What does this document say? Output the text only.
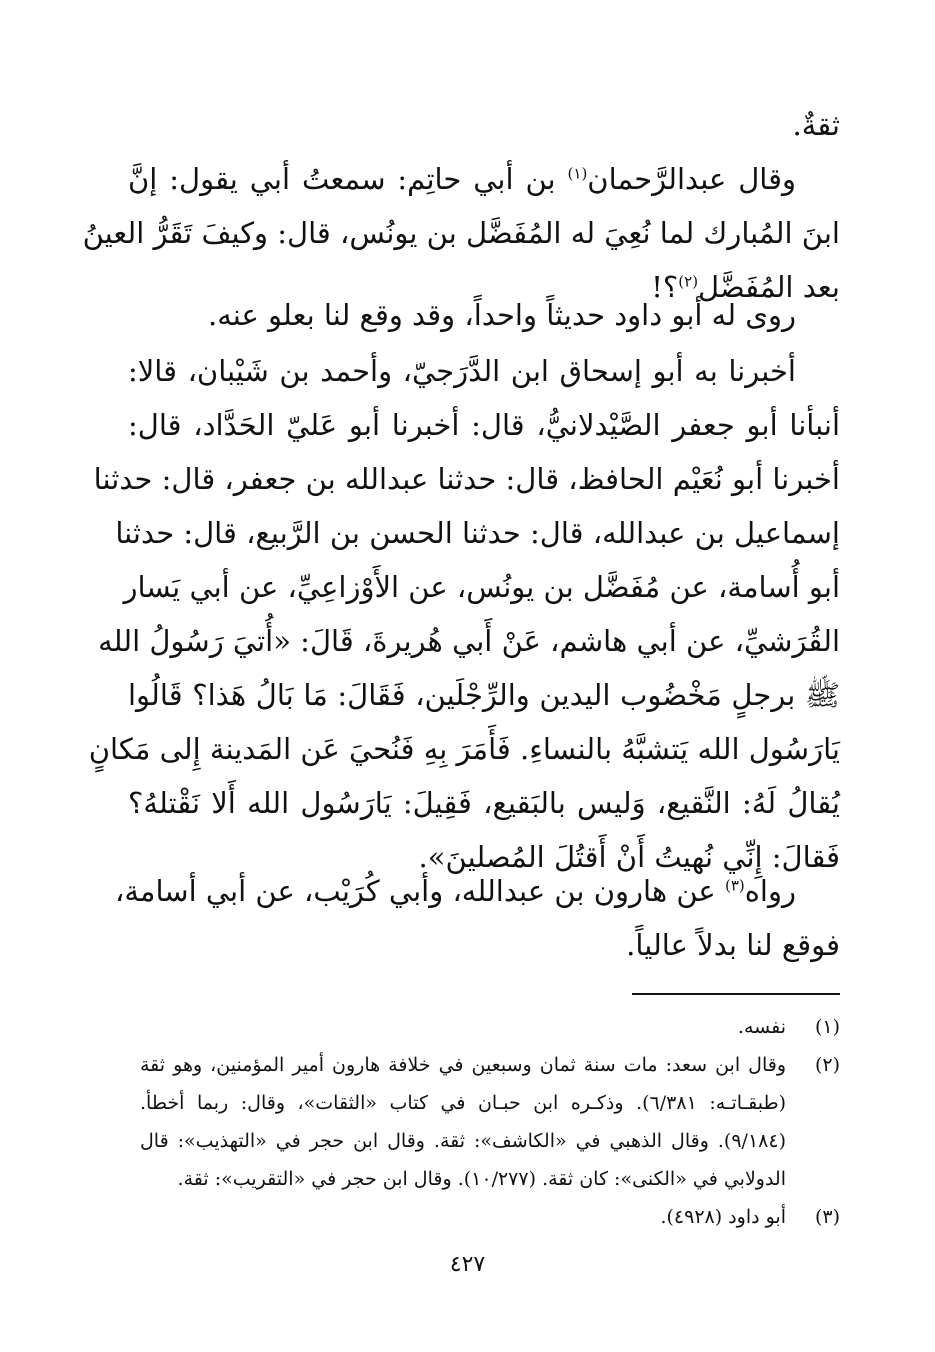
ثقةٌ.
وقال عبدالرَّحمان$^{(١)}$ بن أبي حاتِم: سمعتُ أبي يقول: إنَّ
ابنَ المُبارك لما نُعِيَ له المُفَضَّل بن يونُس، قال: وكيفَ تَقَرُّ العينُ
بعد المُفَضَّل$^{(٢)}$؟!
روى له أبو داود حديثاً واحداً، وقد وقع لنا بعلو عنه.
أخبرنا به أبو إسحاق ابن الدَّرَجيّ، وأحمد بن شَيْبان، قالا:
أنبأنا أبو جعفر الصَّيْدلانيُّ، قال: أخبرنا أبو عَليّ الحَدَّاد، قال:
أخبرنا أبو نُعَيْم الحافظ، قال: حدثنا عبدالله بن جعفر، قال: حدثنا
إسماعيل بن عبدالله، قال: حدثنا الحسن بن الرَّبيع، قال: حدثنا
أبو أُسامة، عن مُفَضَّل بن يونُس، عن الأَوْزاعِيِّ، عن أبي يَسار
القُرَشيِّ، عن أبي هاشم، عَنْ أَبي هُريرةَ، قَالَ: «أُتيَ رَسُولُ الله
ﷺ برجلٍ مَخْضُوب اليدين والرِّجْلَين، فَقَالَ: مَا بَالُ هَذا؟ قَالُوا
يَارَسُول الله يَتشبَّهُ بالنساءِ. فَأَمَرَ بِهِ فَنُحيَ عَن المَدينة إِلى مَكانٍ
يُقالُ لَهُ: النَّقيع، وَليس بالبَقيع، فَقِيلَ: يَارَسُول الله أَلا نَقْتلهُ؟
فَقالَ: إِنِّي نُهيتُ أَنْ أَقتُلَ المُصلينَ».
رواه$^{(٣)}$ عن هارون بن عبدالله، وأبي كُرَيْب، عن أبي أسامة،
فوقع لنا بدلاً عالياً.
(١)
نفسه.
(٢)
وقال ابن سعد: مات سنة ثمان وسبعين في خلافة هارون أمير المؤمنين، وهو ثقة
(طبقـاتـه: ٦/٣٨١). وذكـره ابن حبـان في كتاب «الثقات»، وقال: ربما أخطأ.
(٩/١٨٤). وقال الذهبي في «الكاشف»: ثقة. وقال ابن حجر في «التهذيب»: قال
الدولابي في «الكنى»: كان ثقة. (١٠/٢٧٧). وقال ابن حجر في «التقريب»: ثقة.
(٣)
أبو داود (٤٩٢٨).
٤٢٧
